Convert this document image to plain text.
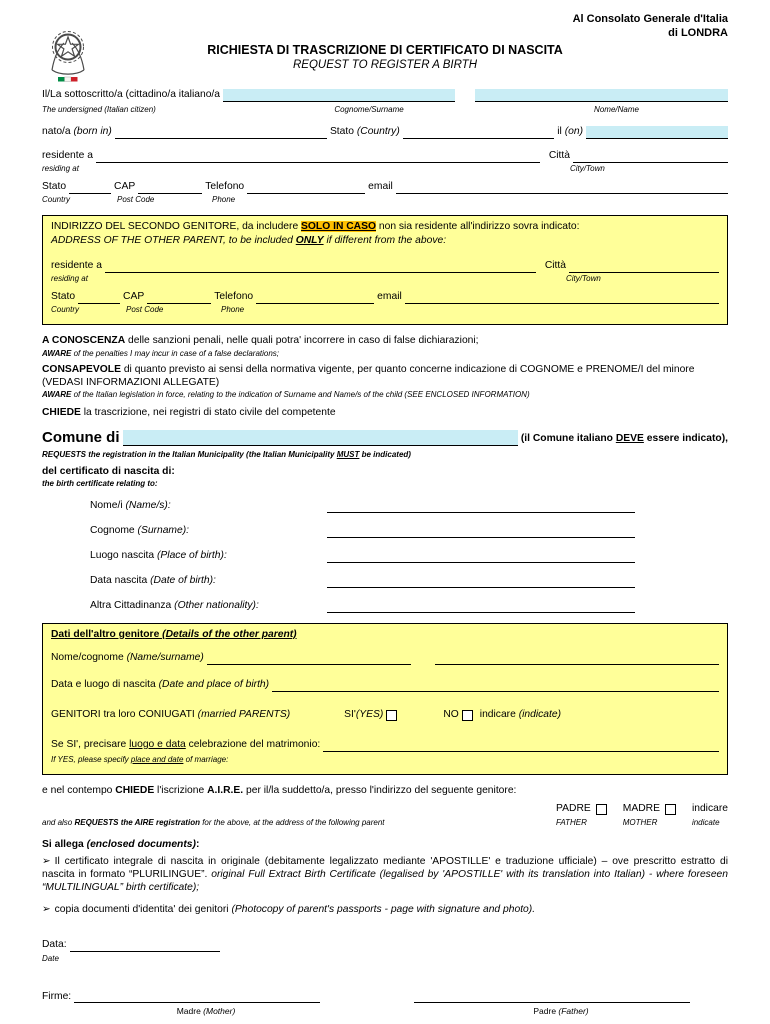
Al Consolato Generale d'Italia
di LONDRA
RICHIESTA DI TRASCRIZIONE DI CERTIFICATO DI NASCITA
REQUEST TO REGISTER A BIRTH
Il/La sottoscritto/a (cittadino/a italiano/a
The undersigned (Italian citizen)	Cognome/Surname	Nome/Name
nato/a (born in)	Stato (Country)	il (on)
residente a	Città
residing at	City/Town
Stato	CAP	Telefono	email
Country	Post Code	Phone
INDIRIZZO DEL SECONDO GENITORE, da includere SOLO IN CASO non sia residente all'indirizzo sovra indicato:
ADDRESS OF THE OTHER PARENT, to be included ONLY if different from the above:
residente a	Città
residing at	City/Town
Stato	CAP	Telefono	email
Country	Post Code	Phone
A CONOSCENZA delle sanzioni penali, nelle quali potra' incorrere in caso di false dichiarazioni;
AWARE of the penalties I may incur in case of a false declarations;
CONSAPEVOLE di quanto previsto ai sensi della normativa vigente, per quanto concerne indicazione di COGNOME e PRENOME/I del minore (VEDASI INFORMAZIONI ALLEGATE)
AWARE of the Italian legislation in force, relating to the indication of Surname and Name/s of the child (SEE ENCLOSED INFORMATION)
CHIEDE la trascrizione, nei registri di stato civile del competente
Comune di	(il Comune italiano DEVE essere indicato),
REQUESTS the registration in the Italian Municipality (the Italian Municipality MUST be indicated)
del certificato di nascita di:
the birth certificate relating to:
Nome/i (Name/s):
Cognome (Surname):
Luogo nascita (Place of birth):
Data nascita (Date of birth):
Altra Cittadinanza (Other nationality):
Dati dell'altro genitore (Details of the other parent)
Nome/cognome (Name/surname)
Data e luogo di nascita (Date and place of birth)
GENITORI tra loro CONIUGATI (married PARENTS)	SI'(YES)	NO indicare (indicate)
Se SI', precisare luogo e data celebrazione del matrimonio:
If YES, please specify place and date of marriage:
e nel contempo CHIEDE l'iscrizione A.I.R.E. per il/la suddetto/a, presso l'indirizzo del seguente genitore:
and also REQUESTS the AIRE registration for the above, at the address of the following parent
PADRE	MADRE	indicare
FATHER	MOTHER	indicate
Si allega (enclosed documents):
➢ Il certificato integrale di nascita in originale (debitamente legalizzato mediante 'APOSTILLE' e traduzione ufficiale) – ove prescritto estratto di nascita in formato “PLURILINGUE”. original Full Extract Birth Certificate (legalised by 'APOSTILLE' with its translation into Italian) - where foreseen “MULTILINGUAL” birth certificate);
➢ copia documenti d'identita' dei genitori (Photocopy of parent's passports - page with signature and photo).
Data:
Date
Firme:
Madre (Mother)	Padre (Father)
